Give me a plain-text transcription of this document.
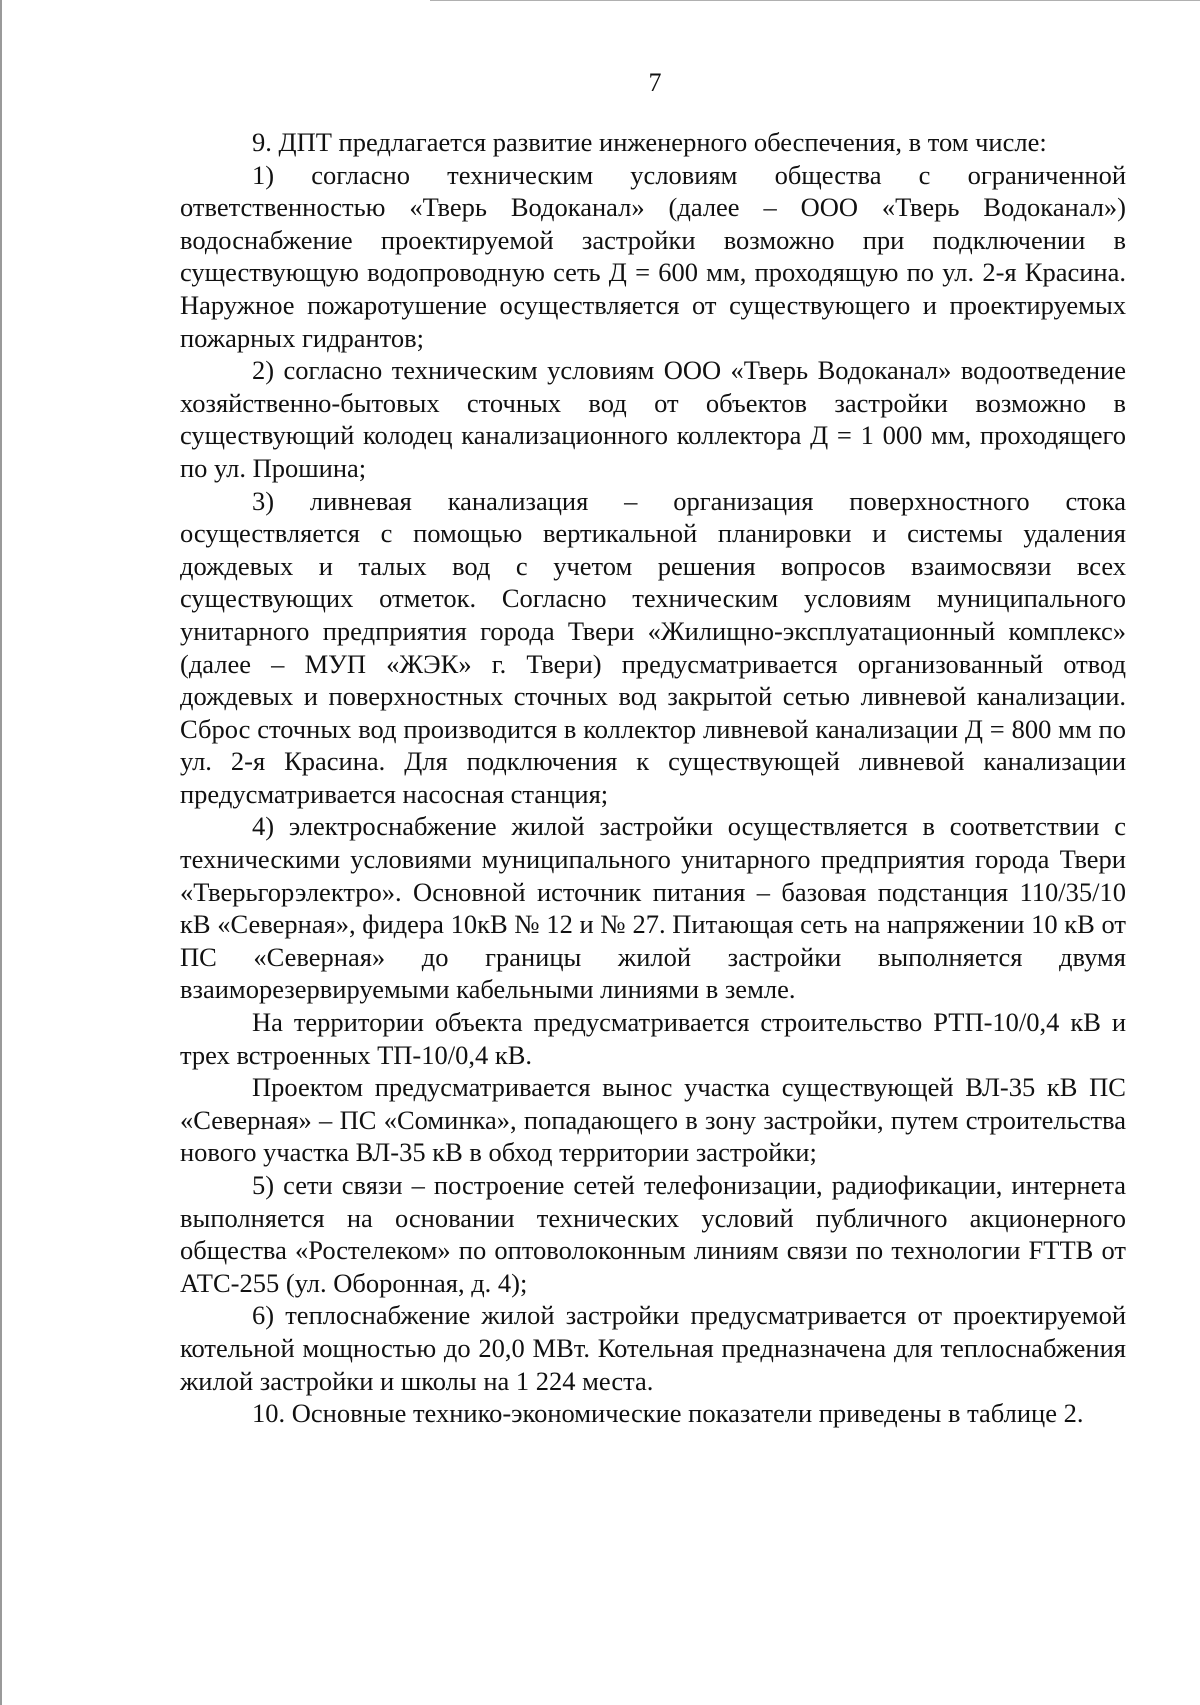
7

9. ДПТ предлагается развитие инженерного обеспечения, в том числе:

1) согласно техническим условиям общества с ограниченной ответственностью «Тверь Водоканал» (далее – ООО «Тверь Водоканал») водоснабжение проектируемой застройки возможно при подключении в существующую водопроводную сеть Д = 600 мм, проходящую по ул. 2-я Красина. Наружное пожаротушение осуществляется от существующего и проектируемых пожарных гидрантов;

2) согласно техническим условиям ООО «Тверь Водоканал» водоотведение хозяйственно-бытовых сточных вод от объектов застройки возможно в существующий колодец канализационного коллектора Д = 1 000 мм, проходящего по ул. Прошина;

3) ливневая канализация – организация поверхностного стока осуществляется с помощью вертикальной планировки и системы удаления дождевых и талых вод с учетом решения вопросов взаимосвязи всех существующих отметок. Согласно техническим условиям муниципального унитарного предприятия города Твери «Жилищно-эксплуатационный комплекс» (далее – МУП «ЖЭК» г. Твери) предусматривается организованный отвод дождевых и поверхностных сточных вод закрытой сетью ливневой канализации. Сброс сточных вод производится в коллектор ливневой канализации Д = 800 мм по ул. 2-я Красина. Для подключения к существующей ливневой канализации предусматривается насосная станция;

4) электроснабжение жилой застройки осуществляется в соответствии с техническими условиями муниципального унитарного предприятия города Твери «Тверьгорэлектро». Основной источник питания – базовая подстанция 110/35/10 кВ «Северная», фидера 10кВ № 12 и № 27. Питающая сеть на напряжении 10 кВ от ПС «Северная» до границы жилой застройки выполняется двумя взаиморезервируемыми кабельными линиями в земле.

На территории объекта предусматривается строительство РТП-10/0,4 кВ и трех встроенных ТП-10/0,4 кВ.

Проектом предусматривается вынос участка существующей ВЛ-35 кВ ПС «Северная» – ПС «Соминка», попадающего в зону застройки, путем строительства нового участка ВЛ-35 кВ в обход территории застройки;

5) сети связи – построение сетей телефонизации, радиофикации, интернета выполняется на основании технических условий публичного акционерного общества «Ростелеком» по оптоволоконным линиям связи по технологии FTTB от АТС-255 (ул. Оборонная, д. 4);

6) теплоснабжение жилой застройки предусматривается от проектируемой котельной мощностью до 20,0 МВт. Котельная предназначена для теплоснабжения жилой застройки и школы на 1 224 места.

10. Основные технико-экономические показатели приведены в таблице 2.
